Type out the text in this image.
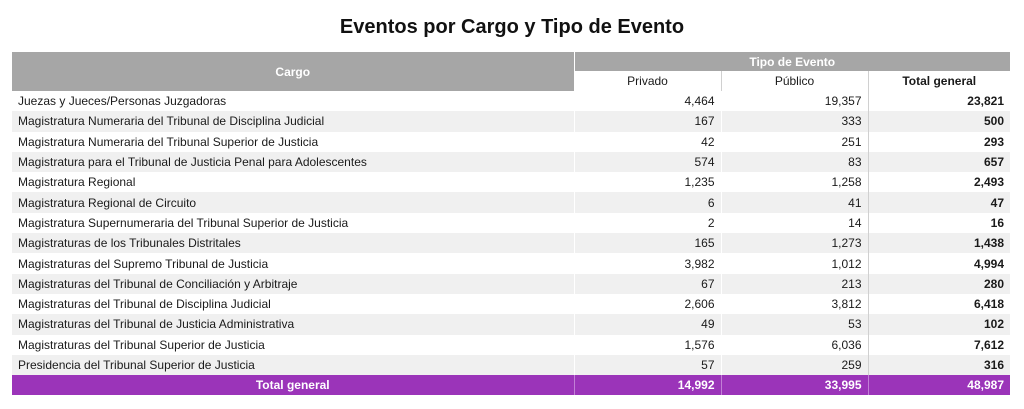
Eventos por Cargo y Tipo de Evento
Cargo	Tipo de Evento		
	Privado	Público	Total general
Juezas y Jueces/Personas Juzgadoras	4,464	19,357	23,821
Magistratura Numeraria del Tribunal de Disciplina Judicial	167	333	500
Magistratura Numeraria del Tribunal Superior de Justicia	42	251	293
Magistratura para el Tribunal de Justicia Penal para Adolescentes	574	83	657
Magistratura Regional	1,235	1,258	2,493
Magistratura Regional de Circuito	6	41	47
Magistratura Supernumeraria del Tribunal Superior de Justicia	2	14	16
Magistraturas de los Tribunales Distritales	165	1,273	1,438
Magistraturas del Supremo Tribunal de Justicia	3,982	1,012	4,994
Magistraturas del Tribunal de Conciliación y Arbitraje	67	213	280
Magistraturas del Tribunal de Disciplina Judicial	2,606	3,812	6,418
Magistraturas del Tribunal de Justicia Administrativa	49	53	102
Magistraturas del Tribunal Superior de Justicia	1,576	6,036	7,612
Presidencia del Tribunal Superior de Justicia	57	259	316
Total general	14,992	33,995	48,987
